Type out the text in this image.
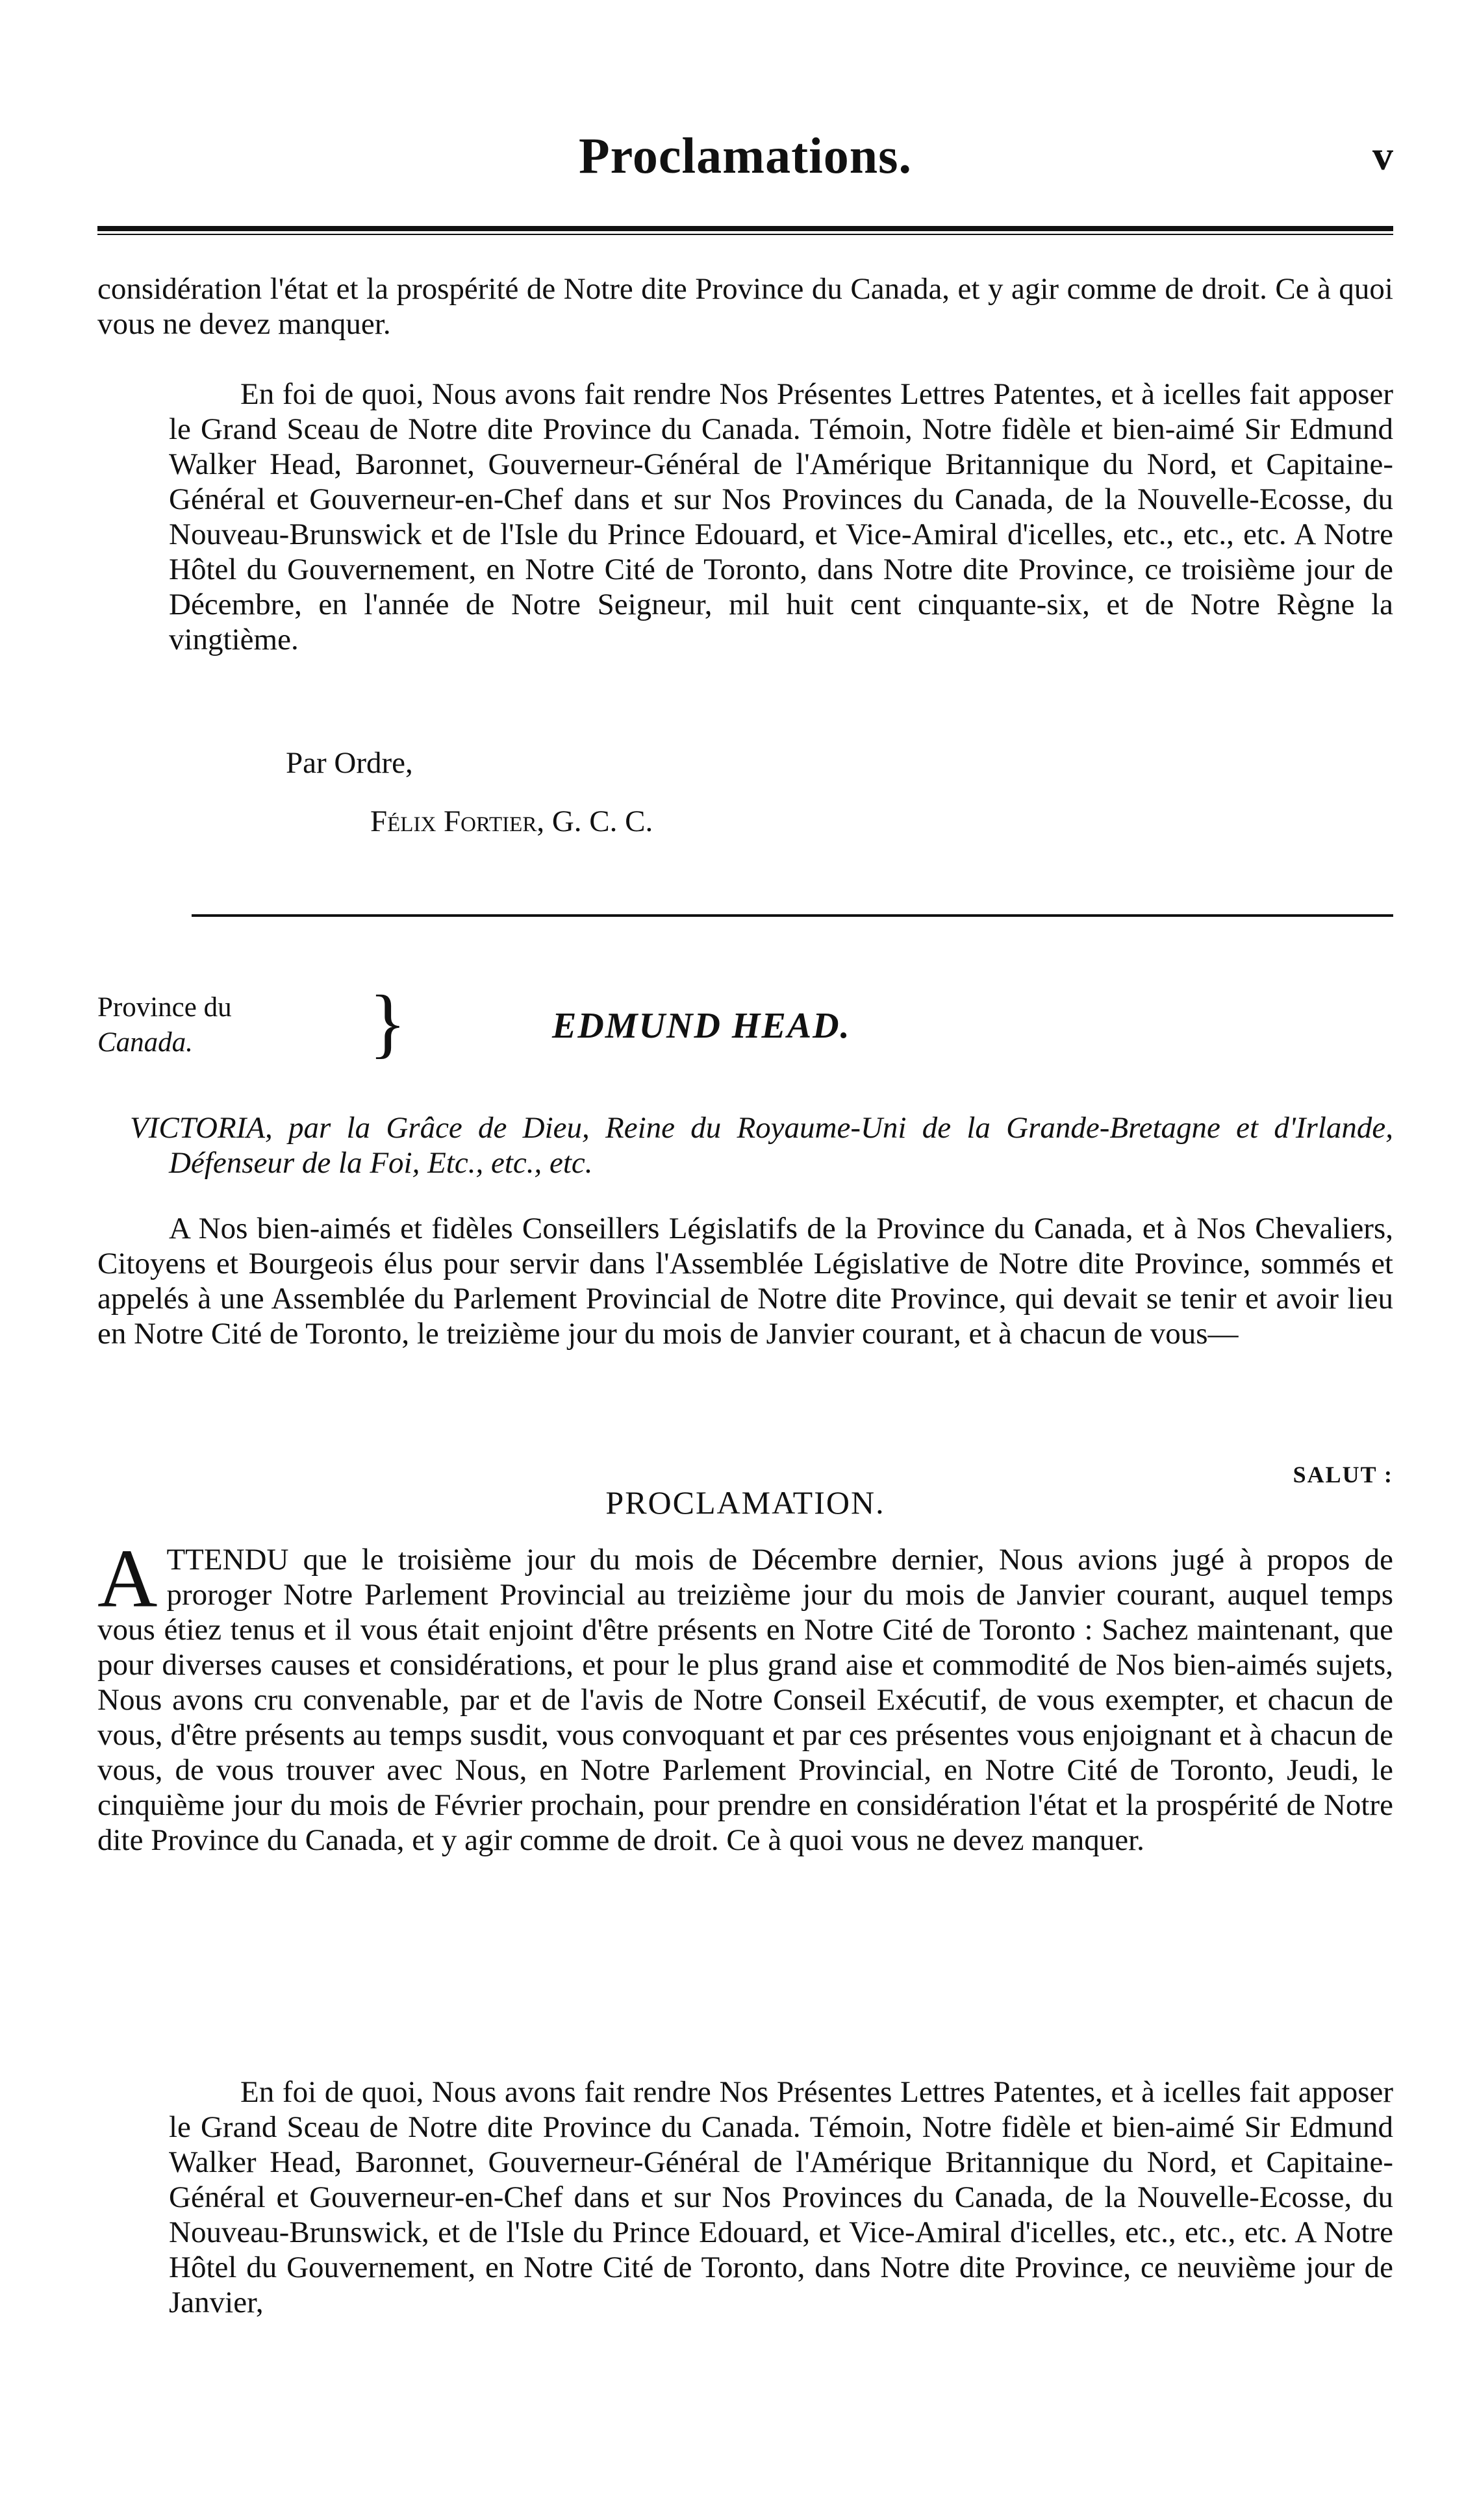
Proclamations.	v

considération l'état et la prospérité de Notre dite Province du Canada, et y agir comme de droit. Ce à quoi vous ne devez manquer.

En foi de quoi, Nous avons fait rendre Nos Présentes Lettres Patentes, et à icelles fait apposer le Grand Sceau de Notre dite Province du Canada. Témoin, Notre fidèle et bien-aimé Sir Edmund Walker Head, Baronnet, Gouverneur-Général de l'Amérique Britannique du Nord, et Capitaine-Général et Gouverneur-en-Chef dans et sur Nos Provinces du Canada, de la Nouvelle-Ecosse, du Nouveau-Brunswick et de l'Isle du Prince Edouard, et Vice-Amiral d'icelles, etc., etc., etc. A Notre Hôtel du Gouvernement, en Notre Cité de Toronto, dans Notre dite Province, ce troisième jour de Décembre, en l'année de Notre Seigneur, mil huit cent cinquante-six, et de Notre Règne la vingtième.

Par Ordre,
Félix Fortier, G. C. C.
Province du
Canada.	}	EDMUND HEAD.

VICTORIA, par la Grâce de Dieu, Reine du Royaume-Uni de la Grande-Bretagne et d'Irlande, Défenseur de la Foi, Etc., etc., etc.

A Nos bien-aimés et fidèles Conseillers Législatifs de la Province du Canada, et à Nos Chevaliers, Citoyens et Bourgeois élus pour servir dans l'Assemblée Législative de Notre dite Province, sommés et appelés à une Assemblée du Parlement Provincial de Notre dite Province, qui devait se tenir et avoir lieu en Notre Cité de Toronto, le treizième jour du mois de Janvier courant, et à chacun de vous—

SALUT :
PROCLAMATION.
A TTENDU que le troisième jour du mois de Décembre dernier, Nous avions jugé à propos de proroger Notre Parlement Provincial au treizième jour du mois de Janvier courant, auquel temps vous étiez tenus et il vous était enjoint d'être présents en Notre Cité de Toronto : Sachez maintenant, que pour diverses causes et considérations, et pour le plus grand aise et commodité de Nos bien-aimés sujets, Nous avons cru convenable, par et de l'avis de Notre Conseil Exécutif, de vous exempter, et chacun de vous, d'être présents au temps susdit, vous convoquant et par ces présentes vous enjoignant et à chacun de vous, de vous trouver avec Nous, en Notre Parlement Provincial, en Notre Cité de Toronto, Jeudi, le cinquième jour du mois de Février prochain, pour prendre en considération l'état et la prospérité de Notre dite Province du Canada, et y agir comme de droit. Ce à quoi vous ne devez manquer.

En foi de quoi, Nous avons fait rendre Nos Présentes Lettres Patentes, et à icelles fait apposer le Grand Sceau de Notre dite Province du Canada. Témoin, Notre fidèle et bien-aimé Sir Edmund Walker Head, Baronnet, Gouverneur-Général de l'Amérique Britannique du Nord, et Capitaine-Général et Gouverneur-en-Chef dans et sur Nos Provinces du Canada, de la Nouvelle-Ecosse, du Nouveau-Brunswick, et de l'Isle du Prince Edouard, et Vice-Amiral d'icelles, etc., etc., etc. A Notre Hôtel du Gouvernement, en Notre Cité de Toronto, dans Notre dite Province, ce neuvième jour de Janvier,
